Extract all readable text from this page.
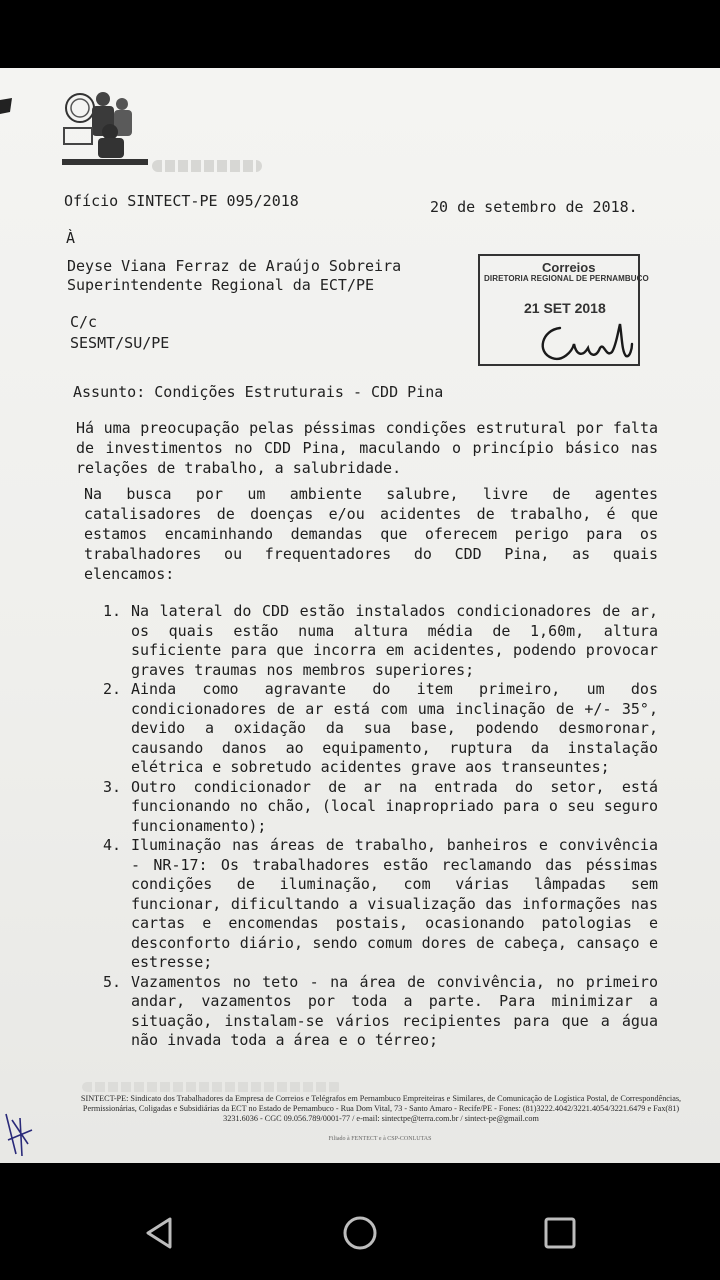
Ofício SINTECT-PE 095/2018	20 de setembro de 2018.
À
Deyse Viana Ferraz de Araújo Sobreira
Superintendente Regional da ECT/PE
C/c
SESMT/SU/PE
Correios
DIRETORIA REGIONAL DE PERNAMBUCO
21 SET 2018
Assunto: Condições Estruturais - CDD Pina
Há uma preocupação pelas péssimas condições estrutural por falta de investimentos no CDD Pina, maculando o princípio básico nas relações de trabalho, a salubridade.
Na busca por um ambiente salubre, livre de agentes catalisadores de doenças e/ou acidentes de trabalho, é que estamos encaminhando demandas que oferecem perigo para os trabalhadores ou frequentadores do CDD Pina, as quais elencamos:
1. Na lateral do CDD estão instalados condicionadores de ar, os quais estão numa altura média de 1,60m, altura suficiente para que incorra em acidentes, podendo provocar graves traumas nos membros superiores;
2. Ainda como agravante do item primeiro, um dos condicionadores de ar está com uma inclinação de +/- 35°, devido a oxidação da sua base, podendo desmoronar, causando danos ao equipamento, ruptura da instalação elétrica e sobretudo acidentes grave aos transeuntes;
3. Outro condicionador de ar na entrada do setor, está funcionando no chão, (local inapropriado para o seu seguro funcionamento);
4. Iluminação nas áreas de trabalho, banheiros e convivência - NR-17: Os trabalhadores estão reclamando das péssimas condições de iluminação, com várias lâmpadas sem funcionar, dificultando a visualização das informações nas cartas e encomendas postais, ocasionando patologias e desconforto diário, sendo comum dores de cabeça, cansaço e estresse;
5. Vazamentos no teto - na área de convivência, no primeiro andar, vazamentos por toda a parte. Para minimizar a situação, instalam-se vários recipientes para que a água não invada toda a área e o térreo;
SINTECT-PE: Sindicato dos Trabalhadores da Empresa de Correios e Telégrafos em Pernambuco Empreiteiras e Similares, de Comunicação de Logística Postal, de Correspondências, Permissionárias, Coligadas e Subsidiárias da ECT no Estado de Pernambuco - Rua Dom Vital, 73 - Santo Amaro - Recife/PE - Fones: (81)3222.4042/3221.4054/3221.6479 e Fax(81) 3231.6036 - CGC 09.056.789/0001-77 / e-mail: sintectpe@terra.com.br / sintect-pe@gmail.com
Filiado à FENTECT e à CSP-CONLUTAS
